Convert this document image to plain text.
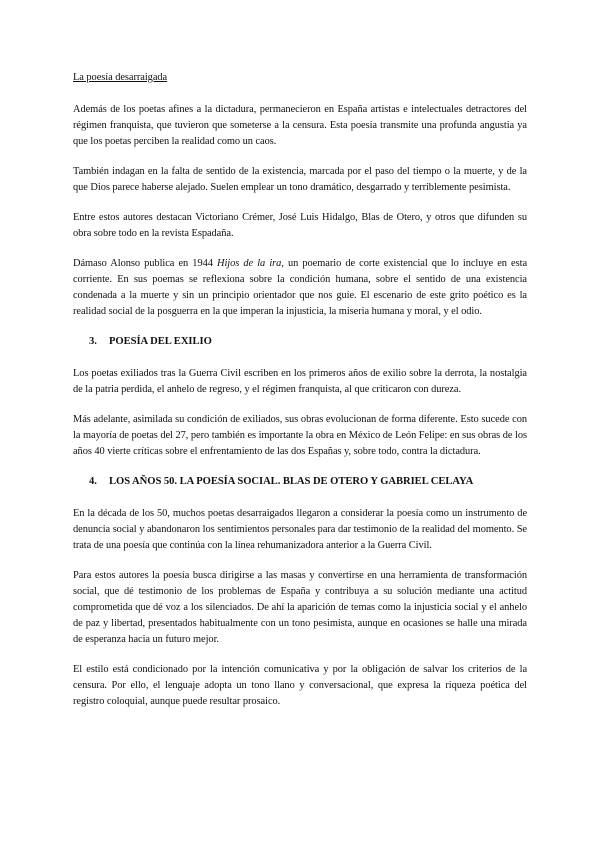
La poesía desarraigada

Además de los poetas afines a la dictadura, permanecieron en España artistas e intelectuales detractores del régimen franquista, que tuvieron que someterse a la censura. Esta poesía transmite una profunda angustia ya que los poetas perciben la realidad como un caos.

También indagan en la falta de sentido de la existencia, marcada por el paso del tiempo o la muerte, y de la que Dios parece haberse alejado. Suelen emplear un tono dramático, desgarrado y terriblemente pesimista.

Entre estos autores destacan Victoriano Crémer, José Luis Hidalgo, Blas de Otero, y otros que difunden su obra sobre todo en la revista Espadaña.

Dámaso Alonso publica en 1944 Hijos de la ira, un poemario de corte existencial que lo incluye en esta corriente. En sus poemas se reflexiona sobre la condición humana, sobre el sentido de una existencia condenada a la muerte y sin un principio orientador que nos guíe. El escenario de este grito poético es la realidad social de la posguerra en la que imperan la injusticia, la miseria humana y moral, y el odio.

3. POESÍA DEL EXILIO

Los poetas exiliados tras la Guerra Civil escriben en los primeros años de exilio sobre la derrota, la nostalgia de la patria perdida, el anhelo de regreso, y el régimen franquista, al que criticaron con dureza.

Más adelante, asimilada su condición de exiliados, sus obras evolucionan de forma diferente. Esto sucede con la mayoría de poetas del 27, pero también es importante la obra en México de León Felipe: en sus obras de los años 40 vierte críticas sobre el enfrentamiento de las dos Españas y, sobre todo, contra la dictadura.

4. LOS AÑOS 50. LA POESÍA SOCIAL. BLAS DE OTERO Y GABRIEL CELAYA

En la década de los 50, muchos poetas desarraigados llegaron a considerar la poesía como un instrumento de denuncia social y abandonaron los sentimientos personales para dar testimonio de la realidad del momento. Se trata de una poesía que continúa con la línea rehumanizadora anterior a la Guerra Civil.

Para estos autores la poesía busca dirigirse a las masas y convertirse en una herramienta de transformación social, que dé testimonio de los problemas de España y contribuya a su solución mediante una actitud comprometida que dé voz a los silenciados. De ahí la aparición de temas como la injusticia social y el anhelo de paz y libertad, presentados habitualmente con un tono pesimista, aunque en ocasiones se halle una mirada de esperanza hacia un futuro mejor.

El estilo está condicionado por la intención comunicativa y por la obligación de salvar los criterios de la censura. Por ello, el lenguaje adopta un tono llano y conversacional, que expresa la riqueza poética del registro coloquial, aunque puede resultar prosaico.
